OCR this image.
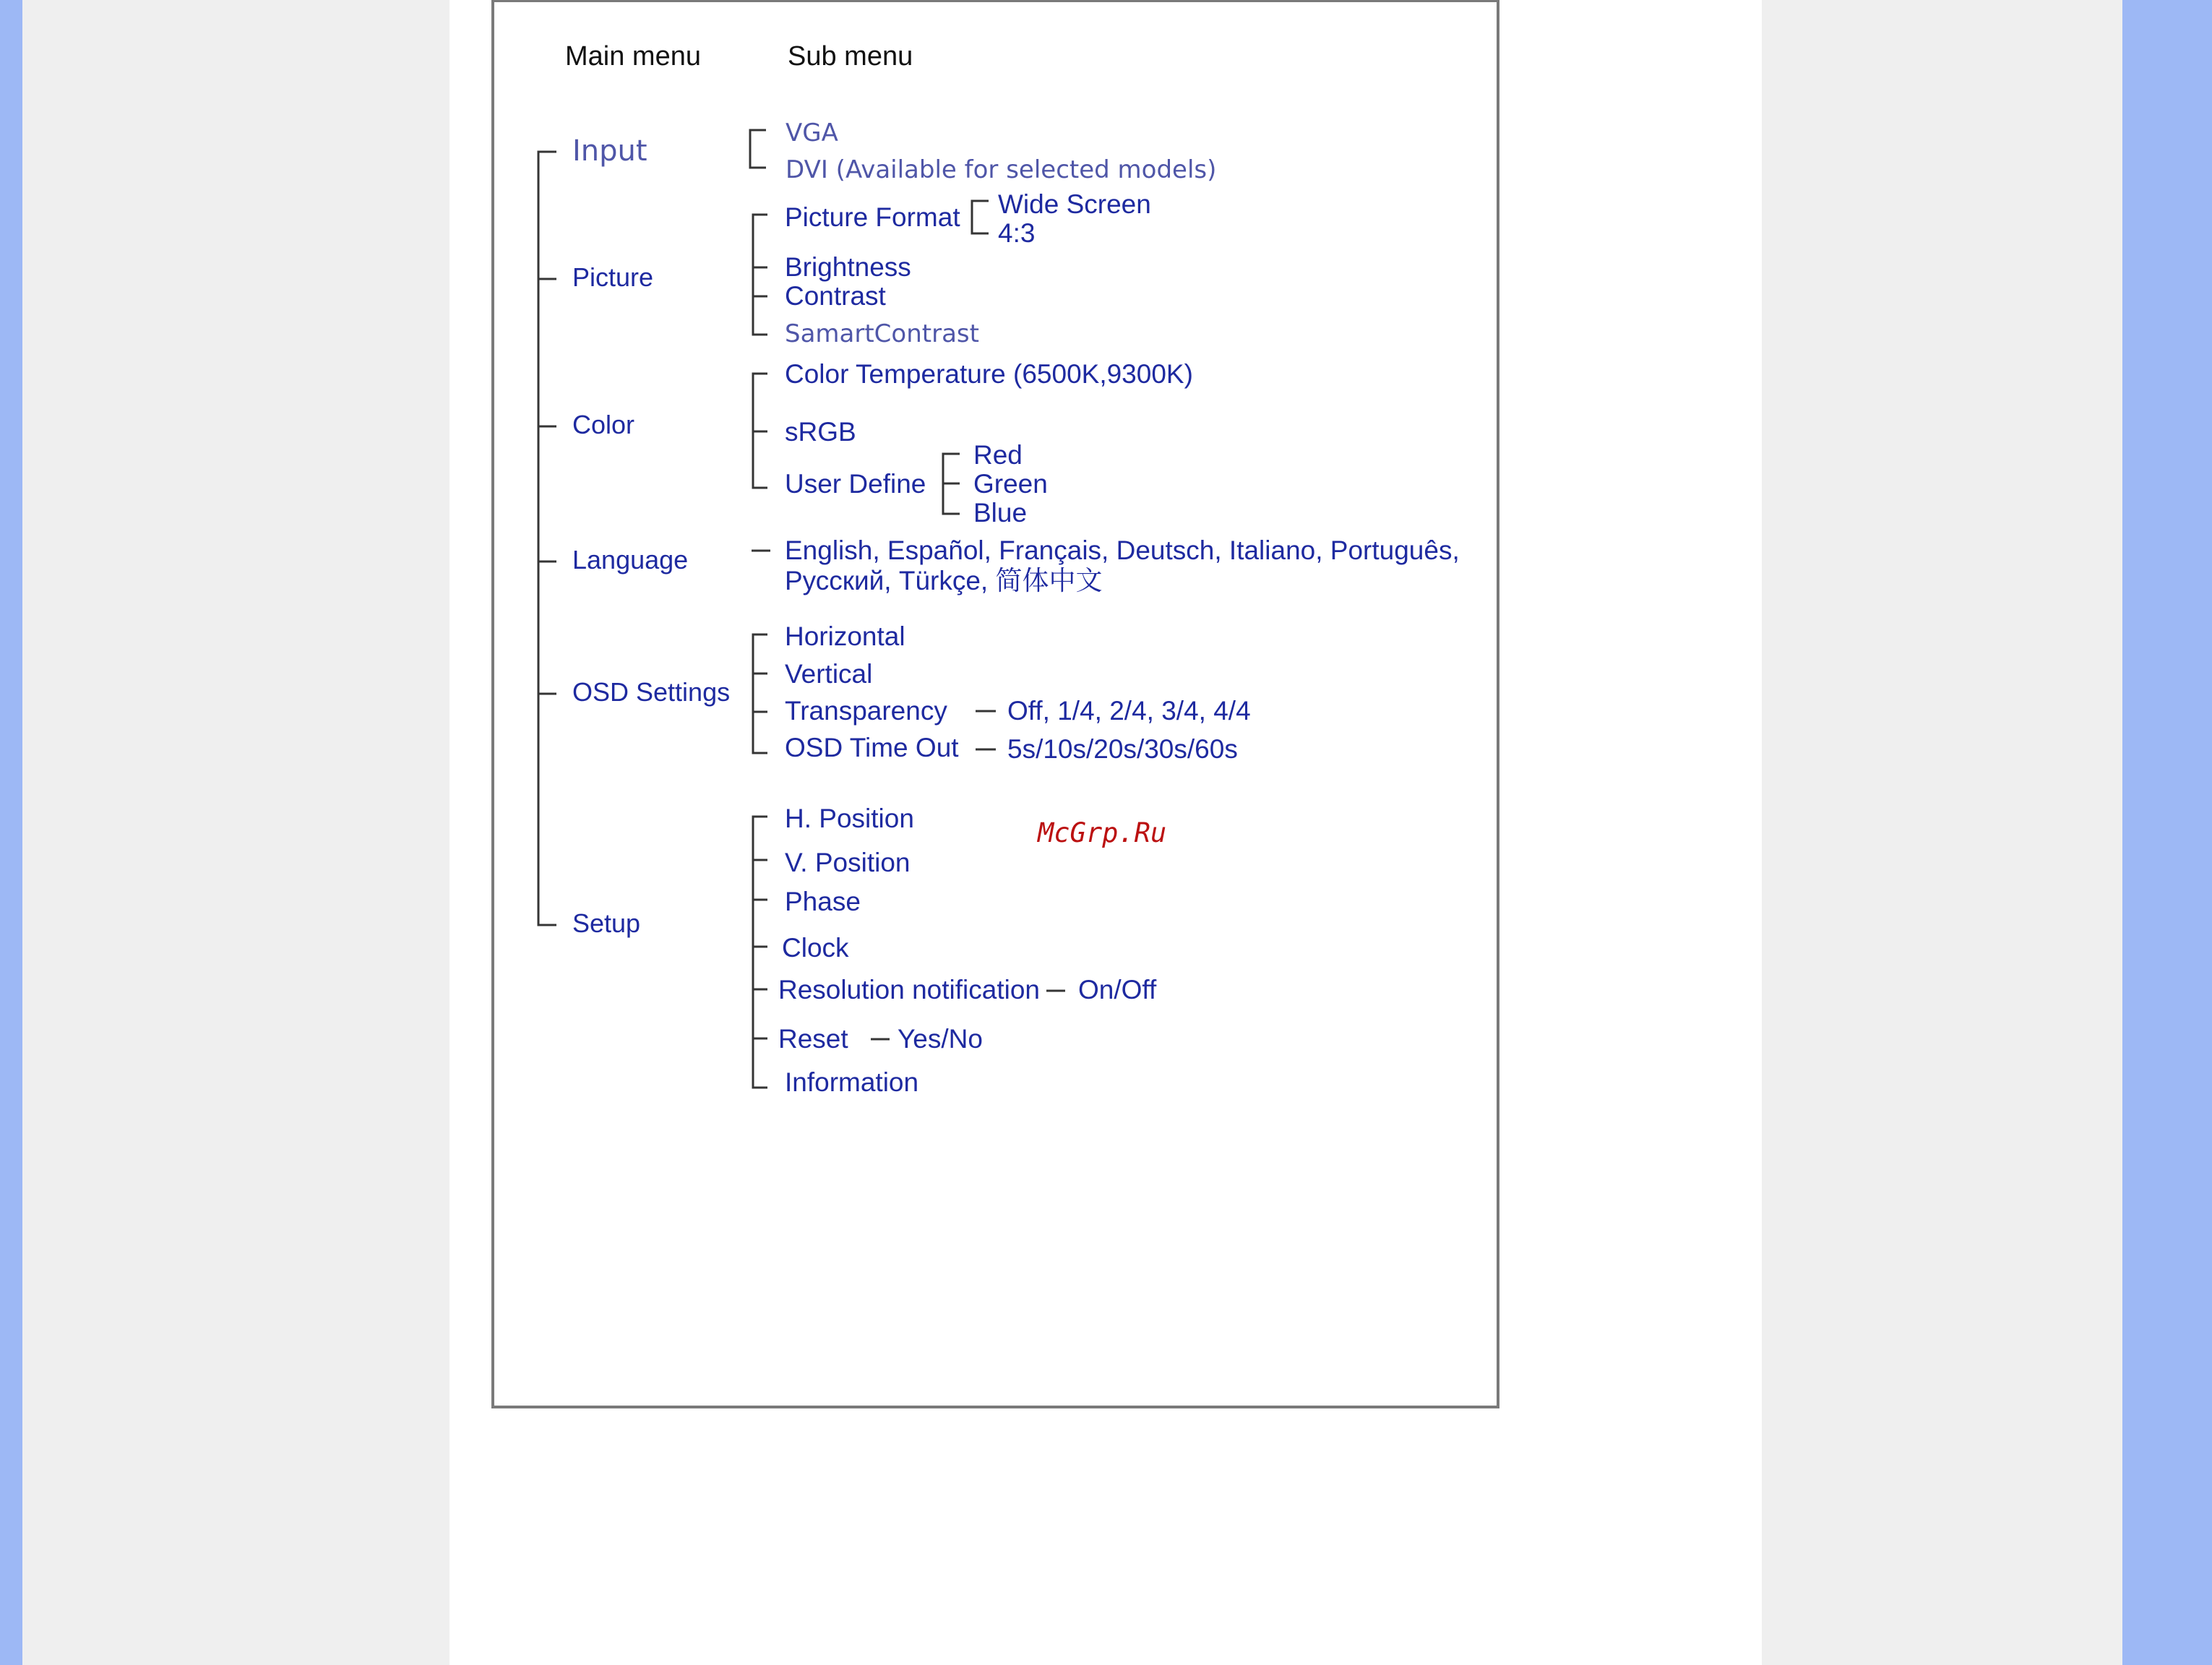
Main menu	Sub menu
Input
Picture
Color
Language
OSD Settings
Setup
VGA
DVI (Available for selected models)
Picture Format Wide Screen
4:3
Brightness
Contrast
SamartContrast
Color Temperature (6500K,9300K)
sRGB
User Define
Red
Green
Blue
English, Español, Français, Deutsch, Italiano, Português,
Русский, Türkçe, 简体中文
Horizontal
Vertical
Transparency Off, 1/4, 2/4, 3/4, 4/4
OSD Time Out 5s/10s/20s/30s/60s
H. Position
V. Position
Phase
Clock
Resolution notification On/Off
Reset Yes/No
Information
McGrp.Ru
